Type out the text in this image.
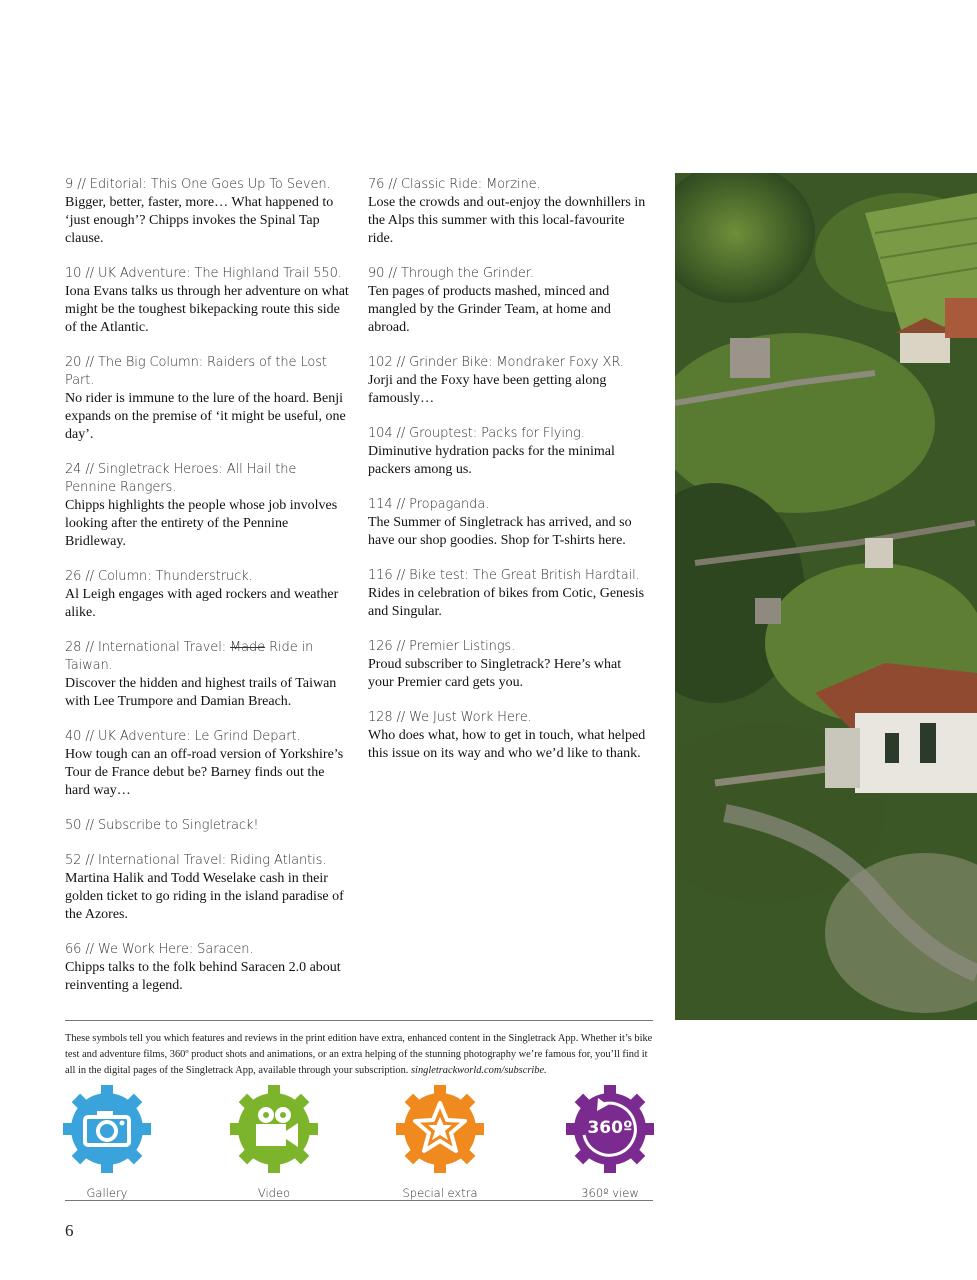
9 // Editorial: This One Goes Up To Seven.
Bigger, better, faster, more… What happened to ‘just enough’? Chipps invokes the Spinal Tap clause.
10 // UK Adventure: The Highland Trail 550.
Iona Evans talks us through her adventure on what might be the toughest bikepacking route this side of the Atlantic.
20 // The Big Column: Raiders of the Lost Part.
No rider is immune to the lure of the hoard. Benji expands on the premise of ‘it might be useful, one day’.
24 // Singletrack Heroes: All Hail the Pennine Rangers.
Chipps highlights the people whose job involves looking after the entirety of the Pennine Bridleway.
26 // Column: Thunderstruck.
Al Leigh engages with aged rockers and weather alike.
28 // International Travel: Made Ride in Taiwan.
Discover the hidden and highest trails of Taiwan with Lee Trumpore and Damian Breach.
40 // UK Adventure: Le Grind Depart.
How tough can an off-road version of Yorkshire’s Tour de France debut be? Barney finds out the hard way…
50 // Subscribe to Singletrack!
52 // International Travel: Riding Atlantis.
Martina Halik and Todd Weselake cash in their golden ticket to go riding in the island paradise of the Azores.
66 // We Work Here: Saracen.
Chipps talks to the folk behind Saracen 2.0 about reinventing a legend.
76 // Classic Ride: Morzine.
Lose the crowds and out-enjoy the downhillers in the Alps this summer with this local-favourite ride.
90 // Through the Grinder.
Ten pages of products mashed, minced and mangled by the Grinder Team, at home and abroad.
102 // Grinder Bike: Mondraker Foxy XR.
Jorji and the Foxy have been getting along famously…
104 // Grouptest: Packs for Flying.
Diminutive hydration packs for the minimal packers among us.
114 // Propaganda.
The Summer of Singletrack has arrived, and so have our shop goodies. Shop for T-shirts here.
116 // Bike test: The Great British Hardtail.
Rides in celebration of bikes from Cotic, Genesis and Singular.
126 // Premier Listings.
Proud subscriber to Singletrack? Here’s what your Premier card gets you.
128 // We Just Work Here.
Who does what, how to get in touch, what helped this issue on its way and who we’d like to thank.
These symbols tell you which features and reviews in the print edition have extra, enhanced content in the Singletrack App. Whether it’s bike test and adventure films, 360º product shots and animations, or an extra helping of the stunning photography we’re famous for, you’ll find it all in the digital pages of the Singletrack App, available through your subscription. singletrackworld.com/subscribe.
Gallery	Video	Special extra
360º
360º view
6
